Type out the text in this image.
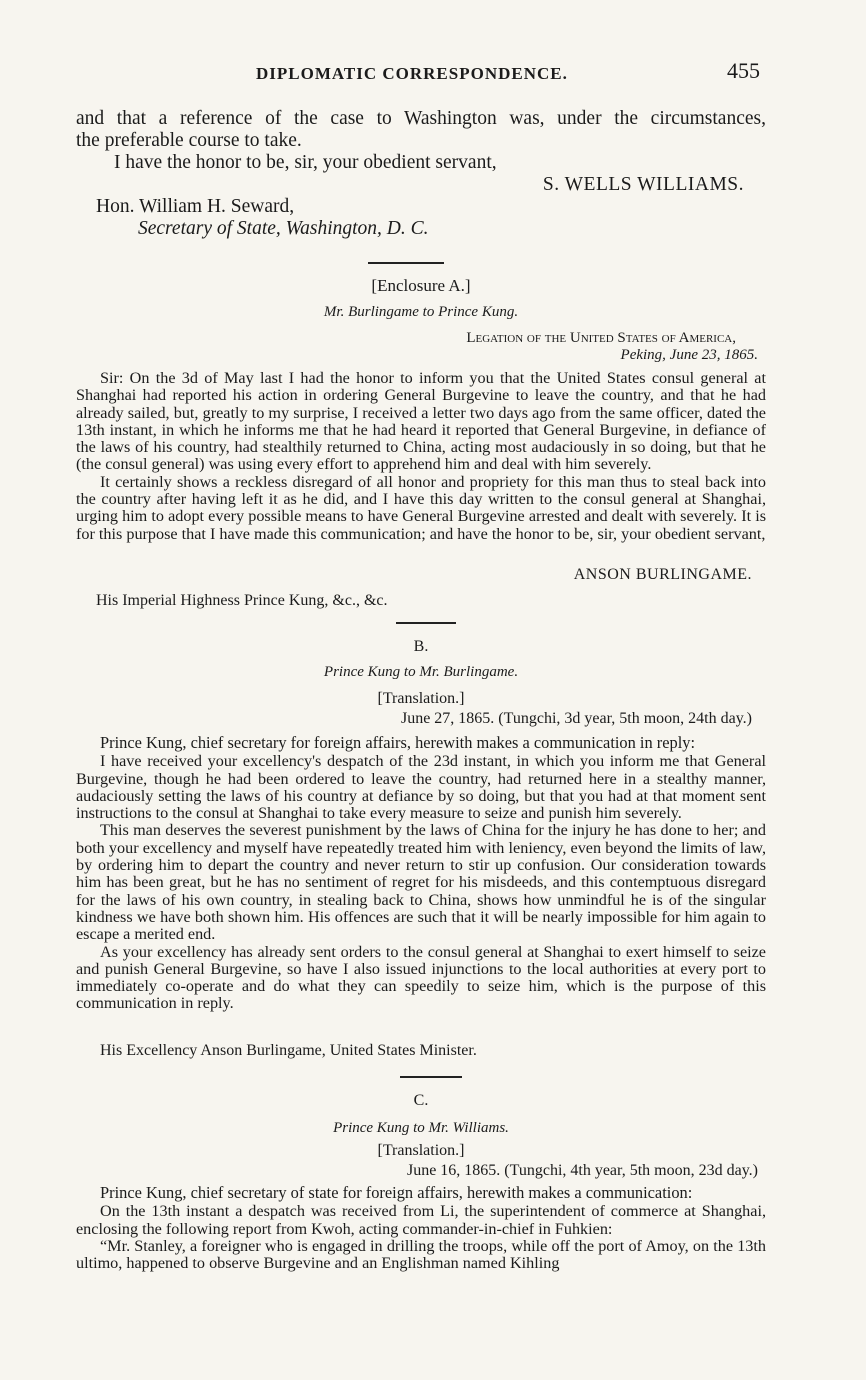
DIPLOMATIC CORRESPONDENCE.	455

and that a reference of the case to Washington was, under the circumstances,

the preferable course to take.

I have the honor to be, sir, your obedient servant,

S. WELLS WILLIAMS.

Hon. William H. Seward,

Secretary of State, Washington, D. C.

[Enclosure A.]
Mr. Burlingame to Prince Kung.

Legation of the United States of America,

Peking, June 23, 1865.

Sir: On the 3d of May last I had the honor to inform you that the United States consul general at Shanghai had reported his action in ordering General Burgevine to leave the country, and that he had already sailed, but, greatly to my surprise, I received a letter two days ago from the same officer, dated the 13th instant, in which he informs me that he had heard it reported that General Burgevine, in defiance of the laws of his country, had stealthily returned to China, acting most audaciously in so doing, but that he (the consul general) was using every effort to apprehend him and deal with him severely.

It certainly shows a reckless disregard of all honor and propriety for this man thus to steal back into the country after having left it as he did, and I have this day written to the consul general at Shanghai, urging him to adopt every possible means to have General Burgevine arrested and dealt with severely. It is for this purpose that I have made this communication; and have the honor to be, sir, your obedient servant,

ANSON BURLINGAME.
His Imperial Highness Prince Kung, &c., &c.
B.
Prince Kung to Mr. Burlingame.
[Translation.]
June 27, 1865. (Tungchi, 3d year, 5th moon, 24th day.)

Prince Kung, chief secretary for foreign affairs, herewith makes a communication in reply:

I have received your excellency's despatch of the 23d instant, in which you inform me that General Burgevine, though he had been ordered to leave the country, had returned here in a stealthy manner, audaciously setting the laws of his country at defiance by so doing, but that you had at that moment sent instructions to the consul at Shanghai to take every measure to seize and punish him severely.

This man deserves the severest punishment by the laws of China for the injury he has done to her; and both your excellency and myself have repeatedly treated him with leniency, even beyond the limits of law, by ordering him to depart the country and never return to stir up confusion. Our consideration towards him has been great, but he has no sentiment of regret for his misdeeds, and this contemptuous disregard for the laws of his own country, in stealing back to China, shows how unmindful he is of the singular kindness we have both shown him. His offences are such that it will be nearly impossible for him again to escape a merited end.

As your excellency has already sent orders to the consul general at Shanghai to exert himself to seize and punish General Burgevine, so have I also issued injunctions to the local authorities at every port to immediately co-operate and do what they can speedily to seize him, which is the purpose of this communication in reply.

His Excellency Anson Burlingame, United States Minister.
C.
Prince Kung to Mr. Williams.
[Translation.]
June 16, 1865. (Tungchi, 4th year, 5th moon, 23d day.)

Prince Kung, chief secretary of state for foreign affairs, herewith makes a communication:

On the 13th instant a despatch was received from Li, the superintendent of commerce at Shanghai, enclosing the following report from Kwoh, acting commander-in-chief in Fuhkien:

“Mr. Stanley, a foreigner who is engaged in drilling the troops, while off the port of Amoy, on the 13th ultimo, happened to observe Burgevine and an Englishman named Kihling
